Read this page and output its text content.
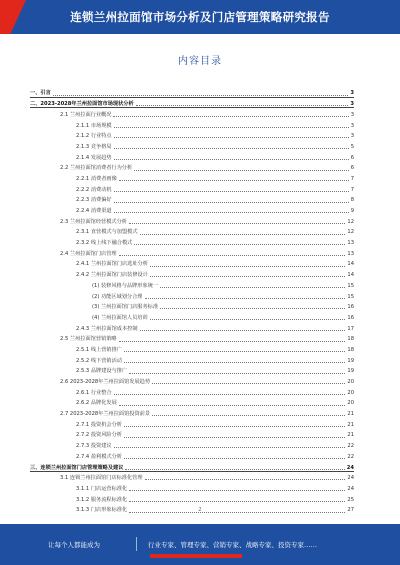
连锁兰州拉面馆市场分析及门店管理策略研究报告
内容目录
一、引言	3
二、2023-2028年兰州拉面馆市场现状分析	3
2.1 兰州拉面行业概况	3
2.1.1 市场规模	3
2.1.2 行业特点	3
2.1.3 竞争格局	5
2.1.4 发展趋势	6
2.2 兰州拉面馆消费者行为分析	6
2.2.1 消费者画像	7
2.2.2 消费动机	7
2.2.3 消费偏好	8
2.2.4 消费渠道	9
2.3 兰州拉面馆经营模式分析	12
2.3.1 直营模式与加盟模式	12
2.3.2 线上线下融合模式	13
2.4 兰州拉面馆门店管理	13
2.4.1 兰州拉面馆门店选址分析	14
2.4.2 兰州拉面馆门店装修设计	14
(1) 装修风格与品牌形象统一	15
(2) 功能区域划分合理	15
(3) 兰州拉面馆门店服务标准	16
(4) 兰州拉面馆人员培训	16
2.4.3 兰州拉面馆成本控制	17
2.5 兰州拉面馆营销策略	18
2.5.1 线上营销推广	18
2.5.2 线下营销活动	19
2.5.3 品牌建设与推广	19
2.6 2023-2028年兰州拉面馆发展趋势	20
2.6.1 行业整合	20
2.6.2 品牌化发展	20
2.7 2023-2028年兰州拉面馆投资前景	21
2.7.1 投资机会分析	21
2.7.2 投资风险分析	21
2.7.3 投资建议	22
2.7.4 盈利模式分析	22
三、连锁兰州拉面馆门店管理策略及建议	24
3.1 连锁兰州拉面馆门店标准化管理	24
3.1.1 门店运营标准化	24
3.1.2 服务流程标准化	25
3.1.3 门店形象标准化	27
2
让每个人都能成为	行业专家、管理专家、营销专家、战略专家、投资专家……
